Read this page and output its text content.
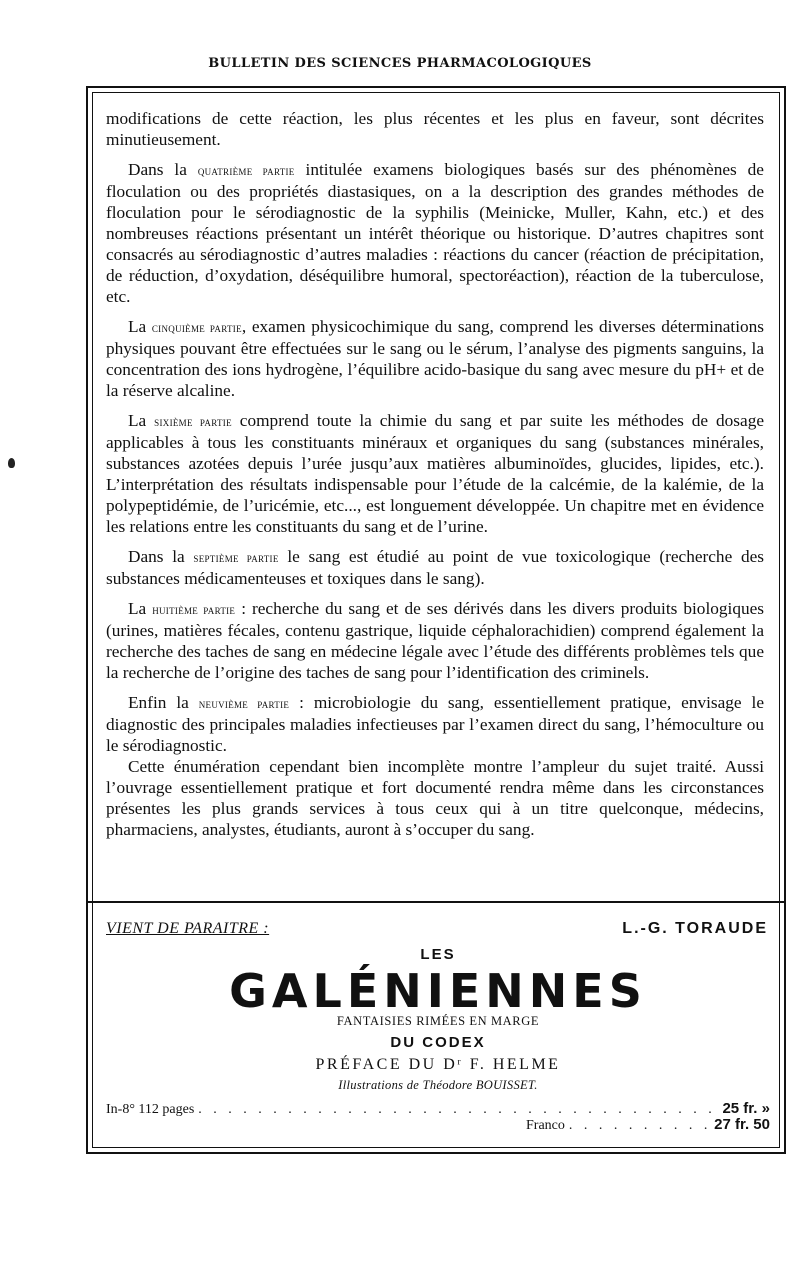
BULLETIN DES SCIENCES PHARMACOLOGIQUES

modifications de cette réaction, les plus récentes et les plus en faveur, sont décrites minutieusement.

Dans la quatrième partie intitulée examens biologiques basés sur des phénomènes de floculation ou des propriétés diastasiques, on a la description des grandes méthodes de floculation pour le sérodiagnostic de la syphilis (Meinicke, Muller, Kahn, etc.) et des nombreuses réactions présentant un intérêt théorique ou historique. D’autres chapitres sont consacrés au sérodiagnostic d’autres maladies : réactions du cancer (réaction de précipitation, de réduction, d’oxydation, déséquilibre humoral, spectoréaction), réaction de la tuberculose, etc.

La cinquième partie, examen physicochimique du sang, comprend les diverses déterminations physiques pouvant être effectuées sur le sang ou le sérum, l’analyse des pigments sanguins, la concentration des ions hydrogène, l’équilibre acido-basique du sang avec mesure du pH+ et de la réserve alcaline.

La sixième partie comprend toute la chimie du sang et par suite les méthodes de dosage applicables à tous les constituants minéraux et organiques du sang (substances minérales, substances azotées depuis l’urée jusqu’aux matières albuminoïdes, glucides, lipides, etc.). L’interprétation des résultats indispensable pour l’étude de la calcémie, de la kalémie, de la polypeptidémie, de l’uricémie, etc..., est longuement développée. Un chapitre met en évidence les relations entre les constituants du sang et de l’urine.

Dans la septième partie le sang est étudié au point de vue toxicologique (recherche des substances médicamenteuses et toxiques dans le sang).

La huitième partie : recherche du sang et de ses dérivés dans les divers produits biologiques (urines, matières fécales, contenu gastrique, liquide céphalorachidien) comprend également la recherche des taches de sang en médecine légale avec l’étude des différents problèmes tels que la recherche de l’origine des taches de sang pour l’identification des criminels.

Enfin la neuvième partie : microbiologie du sang, essentiellement pratique, envisage le diagnostic des principales maladies infectieuses par l’examen direct du sang, l’hémoculture ou le sérodiagnostic.

Cette énumération cependant bien incomplète montre l’ampleur du sujet traité. Aussi l’ouvrage essentiellement pratique et fort documenté rendra même dans les circonstances présentes les plus grands services à tous ceux qui à un titre quelconque, médecins, pharmaciens, analystes, étudiants, auront à s’occuper du sang.

VIENT DE PARAITRE :	L.-G. TORAUDE
LES
GALÉNIENNES
FANTAISIES RIMÉES EN MARGE
DU CODEX
PRÉFACE DU Dʳ F. HELME
Illustrations de Théodore BOUISSET.
In-8° 112 pages . . .	25 fr. »
Franco . . .	27 fr. 50
